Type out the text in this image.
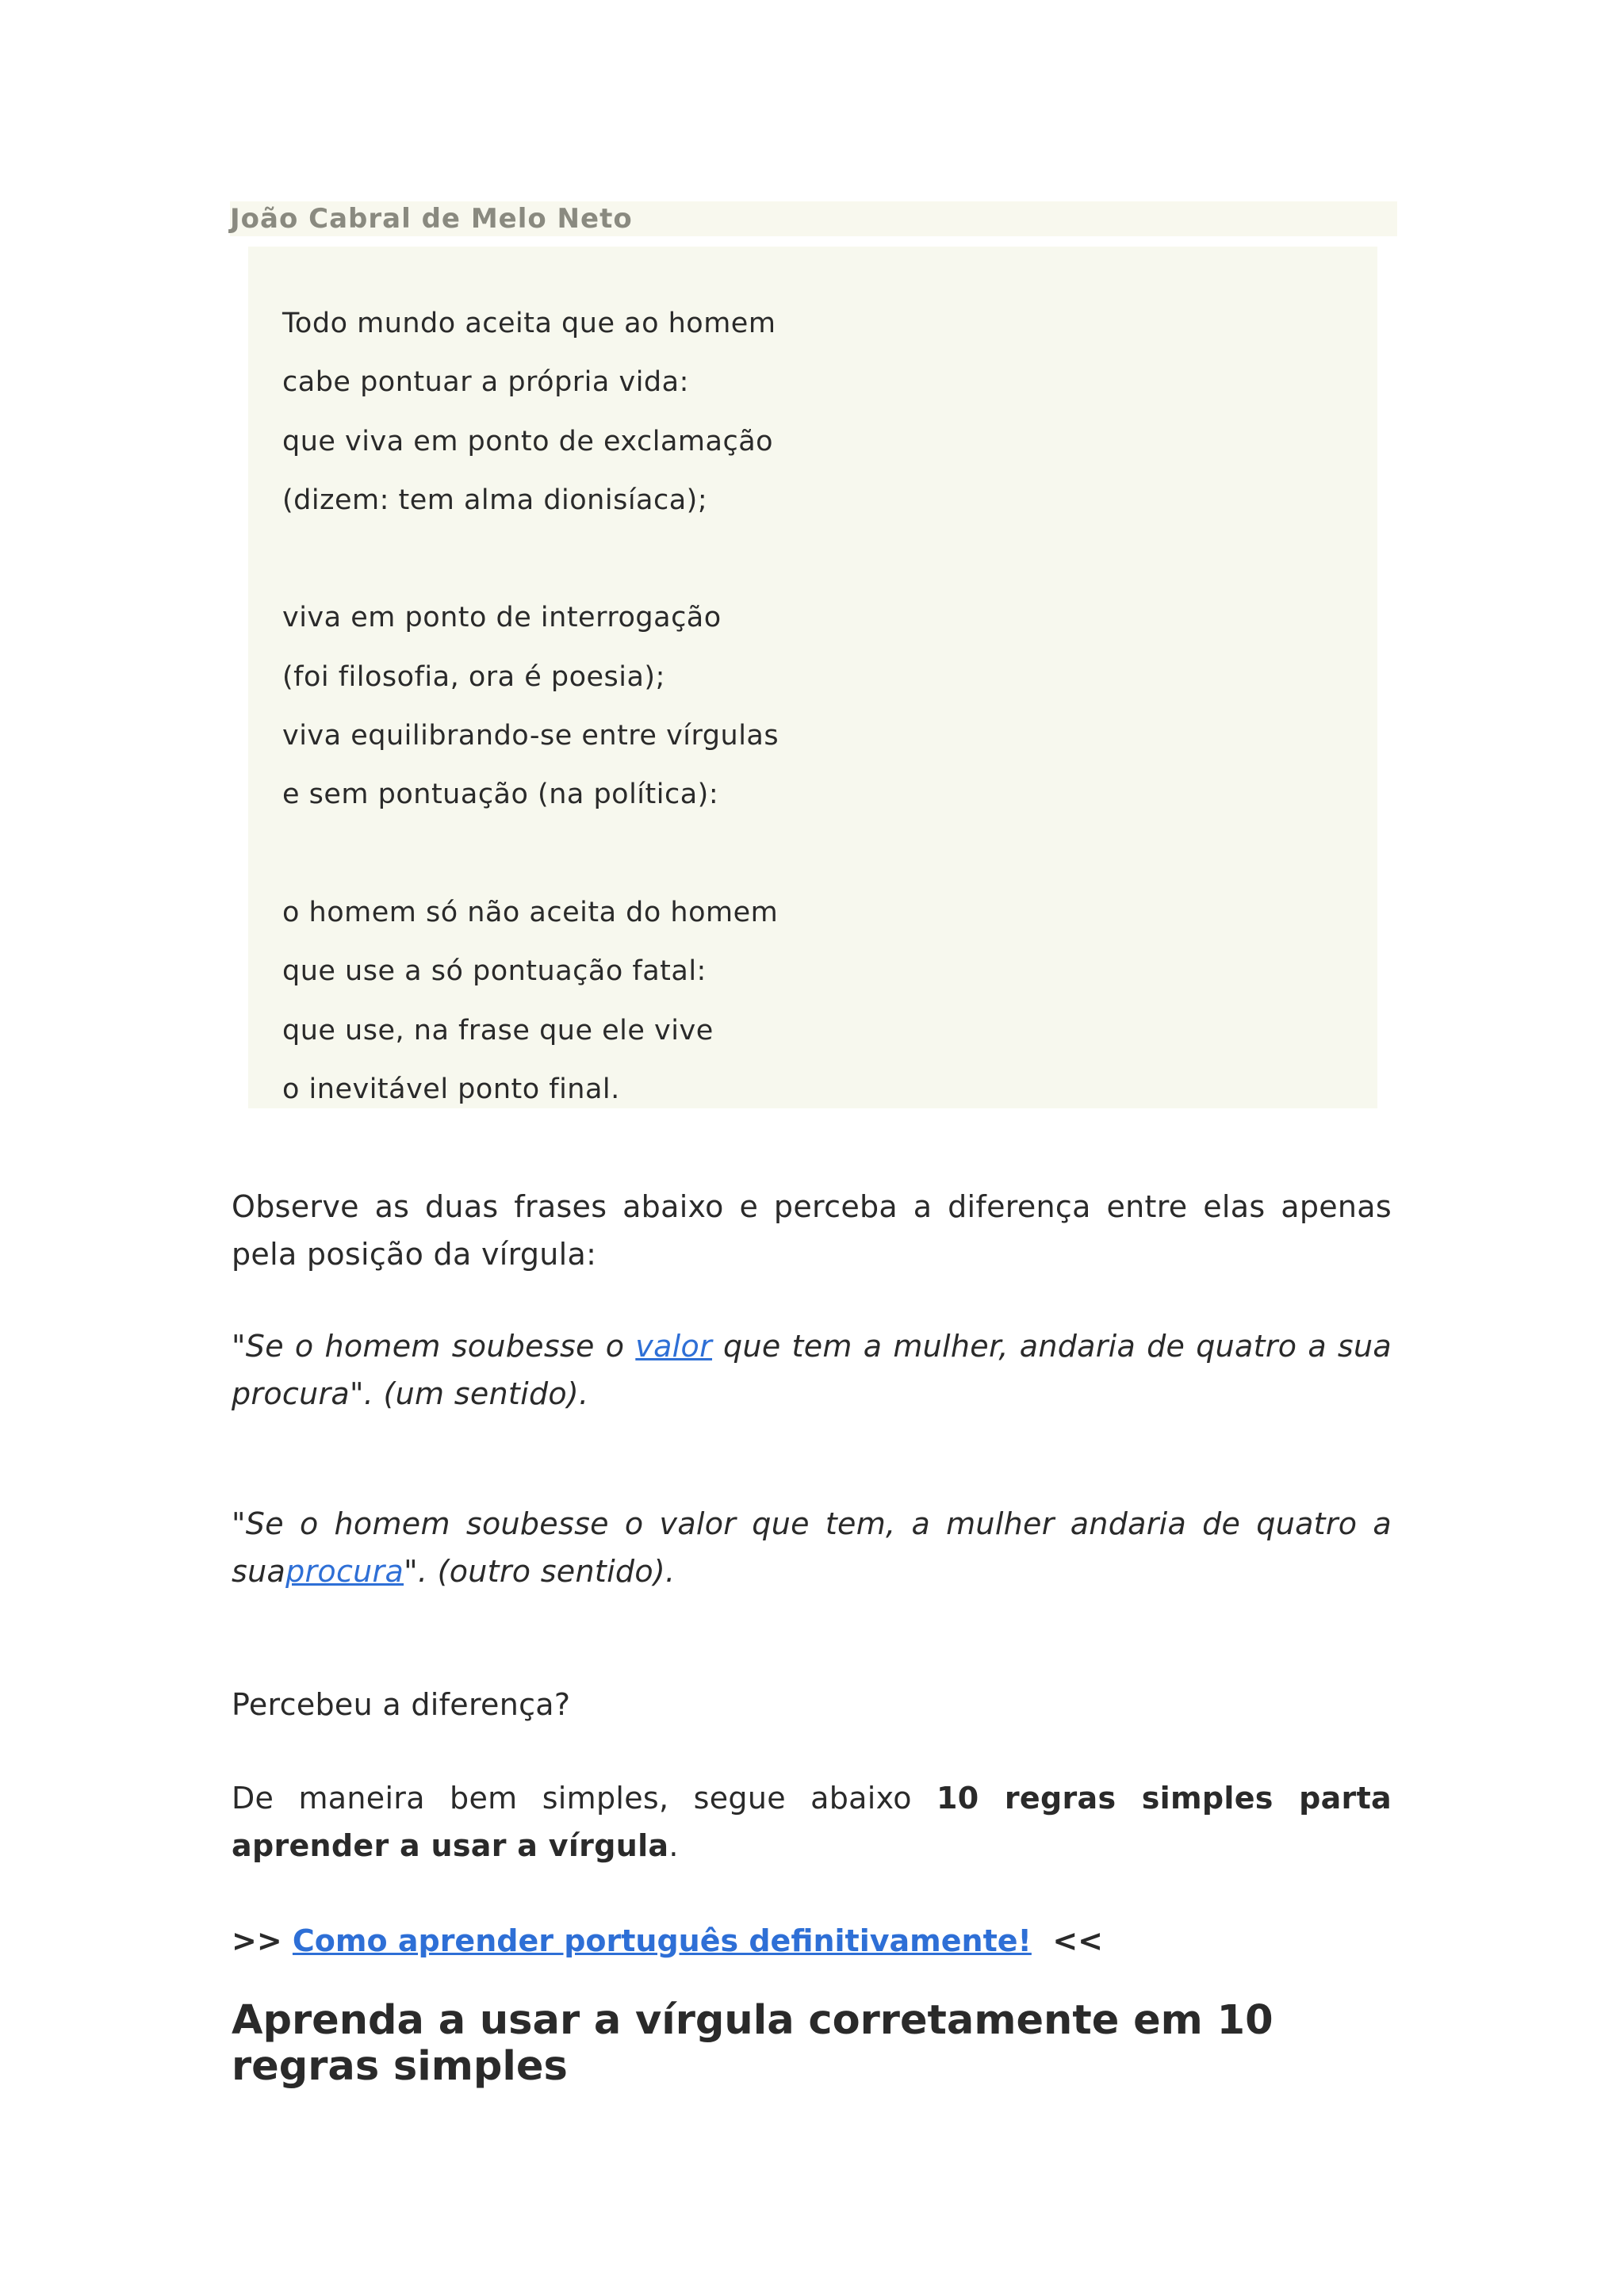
João Cabral de Melo Neto
Todo mundo aceita que ao homem
cabe pontuar a própria vida:
que viva em ponto de exclamação
(dizem: tem alma dionisíaca);
viva em ponto de interrogação
(foi filosofia, ora é poesia);
viva equilibrando-se entre vírgulas
e sem pontuação (na política):
o homem só não aceita do homem
que use a só pontuação fatal:
que use, na frase que ele vive
o inevitável ponto final.

Observe as duas frases abaixo e perceba a diferença entre elas apenas pela posição da vírgula:

"Se o homem soubesse o valor que tem a mulher, andaria de quatro a sua procura". (um sentido).

"Se o homem soubesse o valor que tem, a mulher andaria de quatro a suaprocura". (outro sentido).

Percebeu a diferença?

De maneira bem simples, segue abaixo 10 regras simples parta aprender a usar a vírgula.

>> Como aprender português definitivamente!  <<
Aprenda a usar a vírgula corretamente em 10 regras simples
